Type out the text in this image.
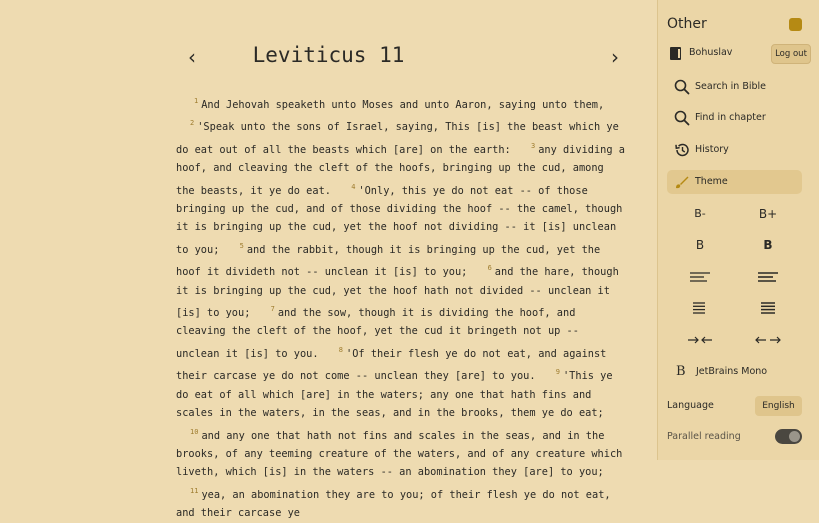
‹	Leviticus 11	›
$^1$ And Jehovah speaketh unto Moses and unto Aaron, saying unto them, $^2$ 'Speak unto the sons of Israel, saying, This [is] the beast which ye do eat out of all the beasts which [are] on the earth:	$^3$ any dividing a hoof, and cleaving the cleft of the hoofs, bringing up the cud, among the beasts, it ye do eat.	$^4$ 'Only, this ye do not eat -- of those bringing up the cud, and of those dividing the hoof -- the camel, though it is bringing up the cud, yet the hoof not dividing -- it [is] unclean to you;	$^5$ and the rabbit, though it is bringing up the cud, yet the hoof it divideth not -- unclean it [is] to you;	$^6$ and the hare, though it is bringing up the cud, yet the hoof hath not divided -- unclean it [is] to you;	$^7$ and the sow, though it is dividing the hoof, and cleaving the cleft of the hoof, yet the cud it bringeth not up -- unclean it [is] to you.	$^8$ 'Of their flesh ye do not eat, and against their carcase ye do not come -- unclean they [are] to you.	$^9$ 'This ye do eat of all which [are] in the waters; any one that hath fins and scales in the waters, in the seas, and in the brooks, them ye do eat; $^{10}$ and any one that hath not fins and scales in the seas, and in the brooks, of any teeming creature of the waters, and of any creature which liveth, which [is] in the waters -- an abomination they [are] to you; $^{11}$ yea, an abomination they are to you; of their flesh ye do not eat, and their carcase ye
Other
Bohuslav	Log out
Search in Bible
Find in chapter
History
Theme
B-	B+
B	B
B JetBrains Mono
Language	English
Parallel reading
